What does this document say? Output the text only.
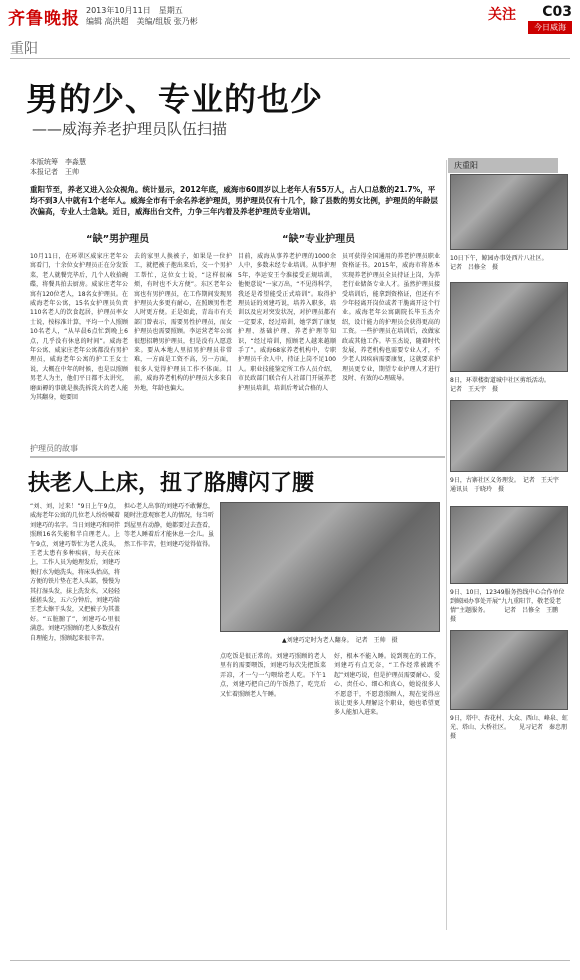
齐鲁晚报 2013年10月11日　星期五
编辑 高洪超　美编/组版 张乃彬	关注 C03
今日威海
重阳
男的少、专业的也少
——威海养老护理员队伍扫描
本版统筹　李淼慧
本报记者　王帅
重阳节至，养老又进入公众视角。统计显示，2012年底，威海市60周岁以上老年人有55万人，占人口总数的21.7%，平均不到3人中就有1个老年人。威海全市有千余名养老护理员，男护理员仅有十几个，除了县数的男女比例，护理员的年龄层次偏高，专业人士急缺。近日，威海出台文件，力争三年内着及养老护理员专业培训。
“缺”男护理员	“缺”专业护理员
10月11日，在环翠区威家庄老年公寓看门，十余位女护理员正在分发饭菜，老人就餐完毕后，几个人收拾碗碟，将餐具拍去厨房。威家庄老年公寓有120位老人，18名女护理员。在威海老年公寓，15名女护理员负责110名老人的饮食起居，护理员率女士说，按标准计算，平均一个人照顾10名老人，“从早晨6点忙到晚上6点，几乎没有休息的时间”。威海老年公寓、威家庄老年公寓都没有男护理员，威海老年公寓的护工王女士说，大概在中年的时候，也是以照顾男老人为主，他们平日都不太讲究，磨面褥的事就是换洗拆洗大的老人能为其翻身，她要回
去的家里人换被子，如果是一位护工，就把被子抱出来后，交一个男护工帮忙，这位女士说，“这样很麻烦，有时也不大方便”。东区老年公寓也有男护理员，在工作期间发现男护理员大多更有耐心，在照顾男性老人时更方便。正是如此，青岛市有关部门曾表示，需要男性护理员，而女护理员也需要照顾。李运营老年公寓很想招聘男护理员，但是没有人愿意来。要从本地人里招男护理员非常难，一方面是工资不高，另一方面，很多人觉得护理员工作不体面。目前，威海养老机构的护理员大多来自外地，年龄也偏大。
目前，威海从事养老护理的1000余人中，多数未经专业培训。从事护理5年，李运安王令淮接受正规培训，他便意说“一家万出，“不见得科学，我还是希望能受正式培训”。取得护理员证的刘建巧说，培养入职多，培训以及应对突发状况，对护理员都有一定要求，经过培训，她学到了康复护理、基础护理、养老护理等知识，“经过培训，照顾老人越来越顺手了”。威海68家养老机构中，专职护理员千余人中，持证上岗不足100人。职业技能鉴定所工作人员介绍，市民政部门联合有人社部门开展养老护理员培训，培训后考试合格的人
员可获得全国通用的养老护理员职业资格证书。2015年，威海市将基本实现养老护理员全员持证上岗，为养老行业储备专业人才。虽然护理员接受培训后，能拿到资格证，但还有不少年轻离开岗位或者干脆离开这个行业。威海老年公寓副院长毕玉杰介绍，设计能力的护理员会获得更高的工资。一些护理员在培训后，改做家政或其他工作。毕玉杰说，随着时代发展，养老机构也需要专业人才，不少老人因疾病需要康复，这就要求护理员更专业，期望专业护理人才进行及时、有效的心理疏导。
护理员的故事
扶老人上床，扭了胳膊闪了腰
“刘、刘，过来！”9日上午9点，威海老年公寓的几位老人纷纷喊着刘建巧的名字。当日刘建巧和同伴照顾16名失能和半自理老人。上午9点，刘建巧帮忙为老人洗头，王老太患有多种疾病，每天在床上，工作人员为她理发后，刘建巧便打水为她洗头，将床头抬高，将方便的铁片垫在老人头部，慢慢为其打湿头发，抹上洗发水，又轻轻揉搓头发，五六分钟后，刘建巧给王老太擦干头发，又把被子为其盖好。“五脏腑了”，刘建巧心里很满意。刘建巧照顾的老人多数没有自理能力，照顾起来很辛苦。
担心老人出事的刘建巧不敢懈怠，随时注意观察老人的情况，每当听到屋里有动静，她都要过去查看，等老人睡着后才能休息一会儿。虽然工作辛苦，但刘建巧觉得值得。
▲刘建巧定时为老人翻身。　记者　王帅　摄
点吃饭是很正常的。刘建巧照顾的老人里有的需要喂饭，刘建巧每次先把饭菜弄凉，才一勺一勺喂给老人吃。下午1点，刘建巧把自己的午饭热了，吃完后又忙着照顾老人午睡。
好，根本不能入睡。说到现在的工作，刘建巧有点无奈，“工作经常被跳不起”刘建巧说，但是护理员需要耐心、爱心、责任心、细心和真心，她说很多人不愿意干，不愿意照顾人，现在觉得应该让更多人理解这个职业，她也希望更多人能加入进来。
庆重阳
10日下午，鲸园办事处西片八社区。　　　记者　吕修全　摄
8日，环翠楼街道城中社区剪纸活动。　　　记者　王天宇　摄
9日，古寨社区义务理发。　记者　王天宇　通讯员　于晓玲　摄
9日、10日，12349服务热线中心合作单位到鲸园办事处开展“九九重阳节，敬老爱老情”主题服务。　　　记者　吕修全　王鹏　摄
9日，塔中、杏花村、大众、西山、峰泉、虹光、塔山、大桥社区。　　见习记者　秦忠朋　摄
